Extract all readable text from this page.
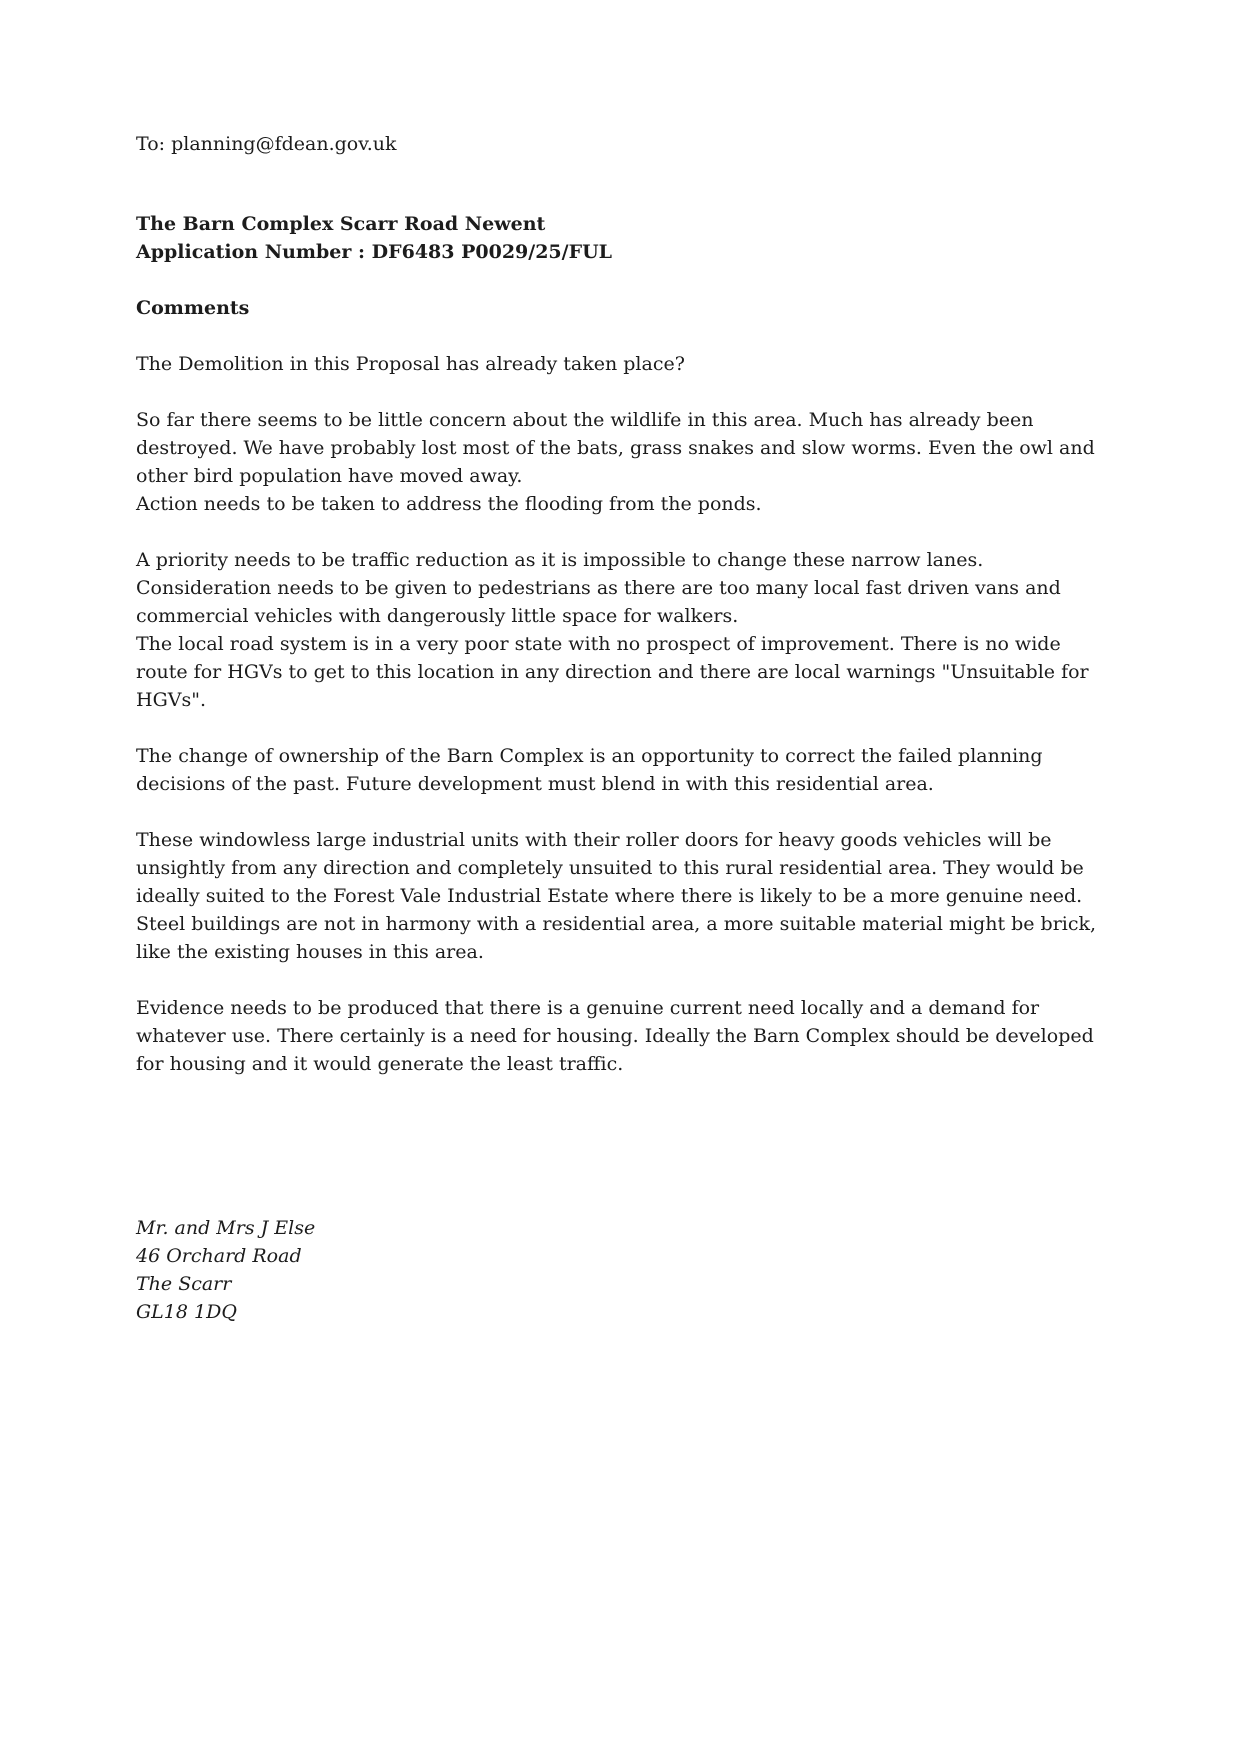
To: planning@fdean.gov.uk

The Barn Complex Scarr Road Newent

Application Number : DF6483 P0029/25/FUL

Comments

The Demolition in this Proposal has already taken place?

So far there seems to be little concern about the wildlife in this area. Much has already been destroyed. We have probably lost most of the bats, grass snakes and slow worms. Even the owl and other bird population have moved away.

Action needs to be taken to address the flooding from the ponds.

A priority needs to be traffic reduction as it is impossible to change these narrow lanes. Consideration needs to be given to pedestrians as there are too many local fast driven vans and commercial vehicles with dangerously little space for walkers.

The local road system is in a very poor state with no prospect of improvement. There is no wide route for HGVs to get to this location in any direction and there are local warnings "Unsuitable for HGVs".

The change of ownership of the Barn Complex is an opportunity to correct the failed planning decisions of the past. Future development must blend in with this residential area.

These windowless large industrial units with their roller doors for heavy goods vehicles will be unsightly from any direction and completely unsuited to this rural residential area. They would be ideally suited to the Forest Vale Industrial Estate where there is likely to be a more genuine need.

Steel buildings are not in harmony with a residential area, a more suitable material might be brick, like the existing houses in this area.

Evidence needs to be produced that there is a genuine current need locally and a demand for whatever use. There certainly is a need for housing. Ideally the Barn Complex should be developed for housing and it would generate the least traffic.

Mr. and Mrs J Else

46 Orchard Road

The Scarr

GL18 1DQ
